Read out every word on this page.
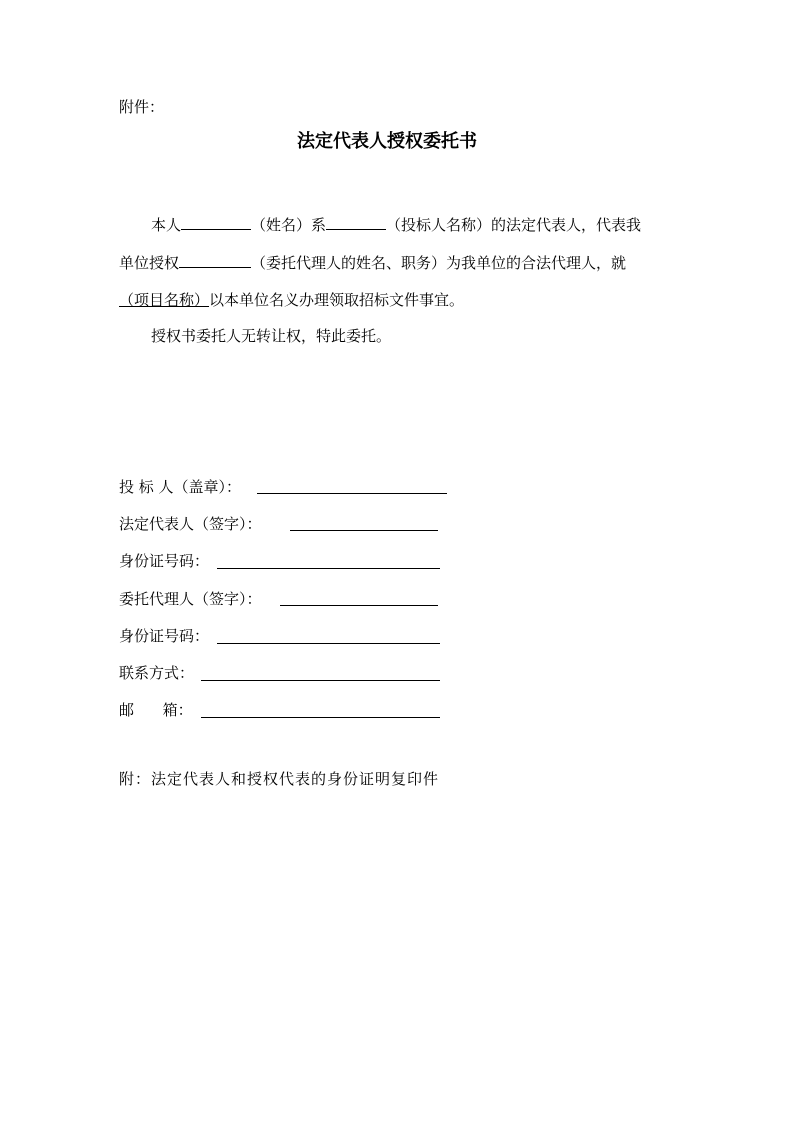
附件：
法定代表人授权委托书
本人	（姓名）系	（投标人名称）的法定代表人，代表我
单位授权	（委托代理人的姓名、职务）为我单位的合法代理人，就
（项目名称）以本单位名义办理领取招标文件事宜。
授权书委托人无转让权，特此委托。
投 标 人（盖章）：
法定代表人（签字）：
身份证号码：
委托代理人（签字）：
身份证号码：
联系方式：
邮      箱：
附：法定代表人和授权代表的身份证明复印件
